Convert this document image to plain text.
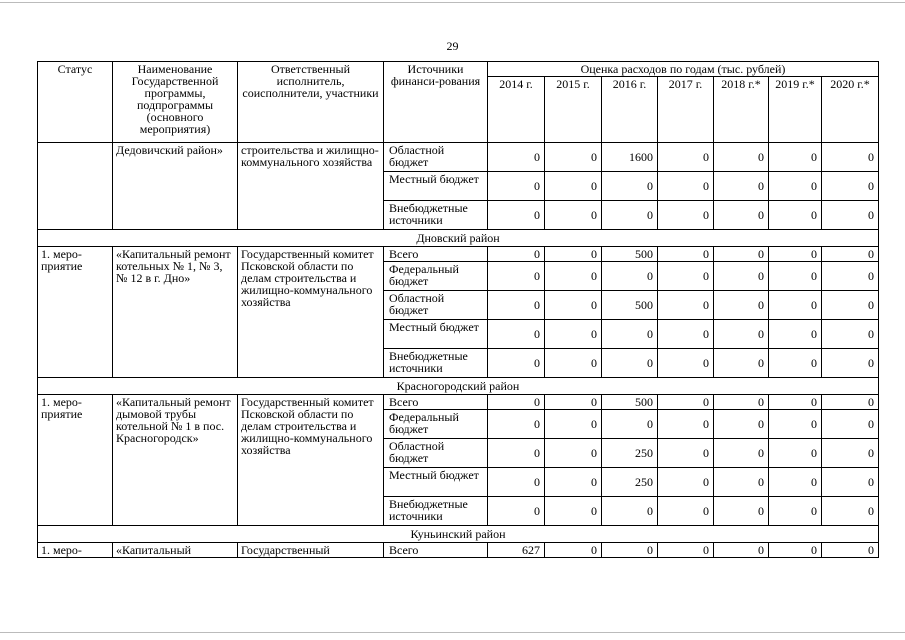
29
Статус	Наименование Государственной программы, подпрограммы (основного мероприятия)	Ответственный исполнитель, соисполнители, участники	Источники финанси-рования	Оценка расходов по годам (тыс. рублей)						
				2014 г.	2015 г.	2016 г.	2017 г.	2018 г.*	2019 г.*	2020 г.*
	Дедовичский район»	строительства и жилищно-коммунального хозяйства	Областной бюджет	0	0	1600	0	0	0	0
			Местный бюджет	0	0	0	0	0	0	0
			Внебюджетные источники	0	0	0	0	0	0	0
Дновский район										
1. меро-приятие	«Капитальный ремонт котельных № 1, № 3, № 12 в г. Дно»	Государственный комитет Псковской области по делам строительства и жилищно-коммунального хозяйства	Всего	0	0	500	0	0	0	0
			Федеральный бюджет	0	0	0	0	0	0	0
			Областной бюджет	0	0	500	0	0	0	0
			Местный бюджет	0	0	0	0	0	0	0
			Внебюджетные источники	0	0	0	0	0	0	0
Красногородский район										
1. меро-приятие	«Капитальный ремонт дымовой трубы котельной № 1 в пос. Красногородск»	Государственный комитет Псковской области по делам строительства и жилищно-коммунального хозяйства	Всего	0	0	500	0	0	0	0
			Федеральный бюджет	0	0	0	0	0	0	0
			Областной бюджет	0	0	250	0	0	0	0
			Местный бюджет	0	0	250	0	0	0	0
			Внебюджетные источники	0	0	0	0	0	0	0
Куньинский район										
1. меро-	«Капитальный	Государственный	Всего	627	0	0	0	0	0	0
